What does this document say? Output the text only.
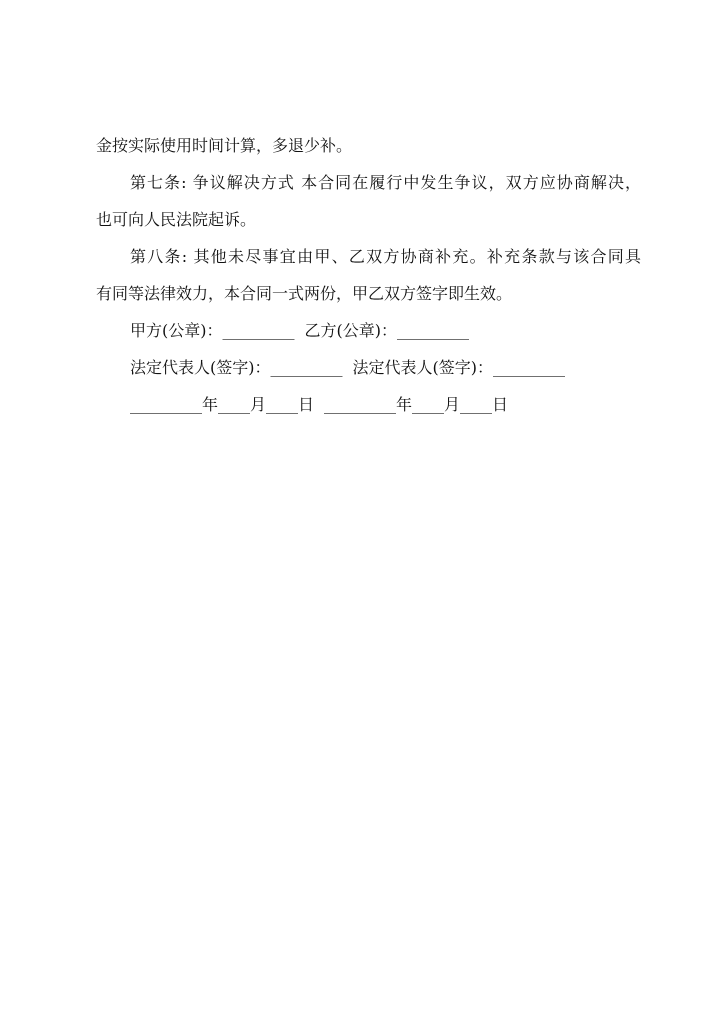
金按实际使用时间计算，多退少补。
第七条: 争议解决方式 本合同在履行中发生争议，双方应协商解决，
也可向人民法院起诉。
第八条: 其他未尽事宜由甲、乙双方协商补充。补充条款与该合同具
有同等法律效力，本合同一式两份，甲乙双方签字即生效。
甲方(公章)：_________ 乙方(公章)：_________
法定代表人(签字)：_________ 法定代表人(签字)：_________
_________年____月____日 _________年____月____日
